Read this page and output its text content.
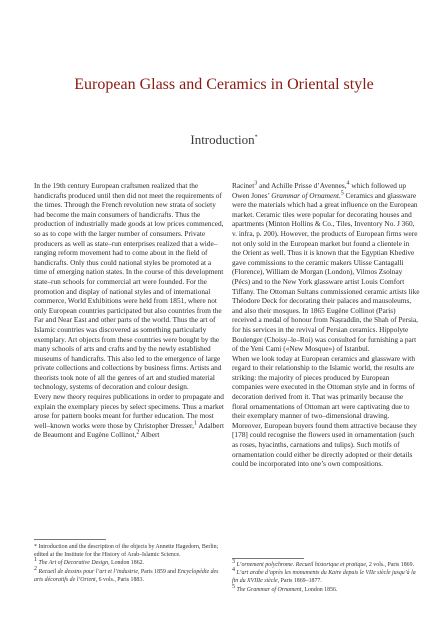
European Glass and Ceramics in Oriental style
Introduction*

In the 19th century European craftsmen realized that the handicrafts produced until then did not meet the requirements of the times. Through the French revolution new strata of society had become the main consumers of handicrafts. Thus the production of industrially made goods at low prices commenced, so as to cope with the larger number of consumers. Private producers as well as state–run enterprises realized that a wide–ranging reform movement had to come about in the field of handicrafts. Only thus could national styles be promoted at a time of emerging nation states. In the course of this development state–run schools for commercial art were founded. For the promotion and display of national styles and of international commerce, World Exhibitions were held from 1851, where not only European countries participated but also countries from the Far and Near East and other parts of the world. Thus the art of Islamic countries was discovered as something particularly exemplary. Art objects from these countries were bought by the many schools of arts and crafts and by the newly established museums of handicrafts. This also led to the emergence of large private collections and collections by business firms. Artists and theorists took note of all the genres of art and studied material technology, systems of decoration and colour design.

Every new theory requires publications in order to propagate and explain the exemplary pieces by select specimens. Thus a market arose for pattern books meant for further education. The most well–known works were those by Christopher Dresser,$^1$ Adalbert de Beaumont and Eugène Collinot,$^2$ Albert

Racinet$^3$ and Achille Prisse d’Avennes,$^4$ which followed up Owen Jones’ Grammar of Ornament.$^5$ Ceramics and glassware were the materials which had a great influence on the European market. Ceramic tiles were popular for decorating houses and apartments (Minton Hollins & Co., Tiles, Inventory No. J 360, v. infra, p. 200). However, the products of European firms were not only sold in the European market but found a clientele in the Orient as well. Thus it is known that the Egyptian Khedive gave commissions to the ceramic makers Ulisse Cantagalli (Florence), William de Morgan (London), Vilmos Zsolnay (Pécs) and to the New York glassware artist Louis Comfort Tiffany. The Ottoman Sultans commissioned ceramic artists like Théodore Deck for decorating their palaces and mausoleums, and also their mosques. In 1865 Eugène Collinot (Paris) received a medal of honour from Naṣraddin, the Shah of Persia, for his services in the revival of Persian ceramics. Hippolyte Boulenger (Choisy–le–Roi) was consulted for furnishing a part of the Yeni Cami («New Mosque») of Istanbul.

When we look today at European ceramics and glassware with regard to their relationship to the Islamic world, the results are striking: the majority of pieces produced by European companies were executed in the Ottoman style and in forms of decoration derived from it. That was primarily because the floral ornamentations of Ottoman art were captivating due to their exemplary manner of two–dimensional drawing. Moreover, European buyers found them attractive because they [178] could recognise the flowers used in ornamentation (such as roses, hyacinths, carnations and tulips). Such motifs of ornamentation could either be directly adopted or their details could be incorporated into one’s own compositions.

* Introduction and the description of the objects by Annette Hagedorn, Berlin; edited at the Institute for the History of Arab–Islamic Science.

$^1$ The Art of Decorative Design, London 1862.

$^2$ Recueil de dessins pour l’art et l’industrie, Paris 1859 and Encyclopédie des arts décoratifs de l’Orient, 6 vols., Paris 1883.

$^3$ L’ornement polychrome. Recueil historique et pratique, 2 vols., Paris 1869.

$^4$ L’art arabe d’après les monuments du Kaire depuis le VIIe siècle jusqu’à la fin du XVIIIe siècle, Paris 1869–1877.

$^5$ The Grammar of Ornament, London 1856.
